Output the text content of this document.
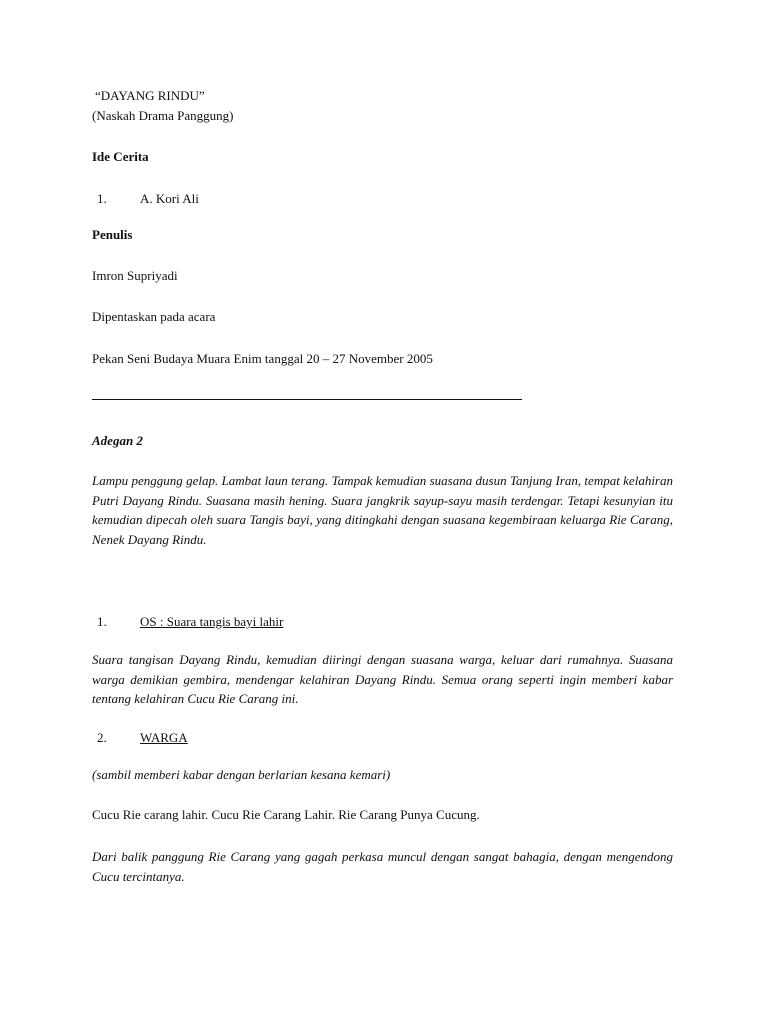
“DAYANG RINDU”
(Naskah Drama Panggung)
Ide Cerita
1.	A. Kori Ali
Penulis
Imron Supriyadi
Dipentaskan pada acara
Pekan Seni Budaya Muara Enim tanggal 20 – 27 November 2005
Adegan 2
Lampu penggung gelap. Lambat laun terang. Tampak kemudian suasana dusun Tanjung Iran, tempat kelahiran Putri Dayang Rindu. Suasana masih hening. Suara jangkrik sayup-sayu masih terdengar. Tetapi kesunyian itu kemudian dipecah oleh suara Tangis bayi, yang ditingkahi dengan suasana kegembiraan keluarga Rie Carang, Nenek Dayang Rindu.
1.	OS : Suara tangis bayi lahir
Suara tangisan Dayang Rindu, kemudian diiringi dengan suasana warga, keluar dari rumahnya. Suasana warga demikian gembira, mendengar kelahiran Dayang Rindu. Semua orang seperti ingin memberi kabar tentang kelahiran Cucu Rie Carang ini.
2.	WARGA
(sambil memberi kabar dengan berlarian kesana kemari)
Cucu Rie carang lahir. Cucu Rie Carang Lahir. Rie Carang Punya Cucung.
Dari balik panggung Rie Carang yang gagah perkasa muncul dengan sangat bahagia, dengan mengendong Cucu tercintanya.
